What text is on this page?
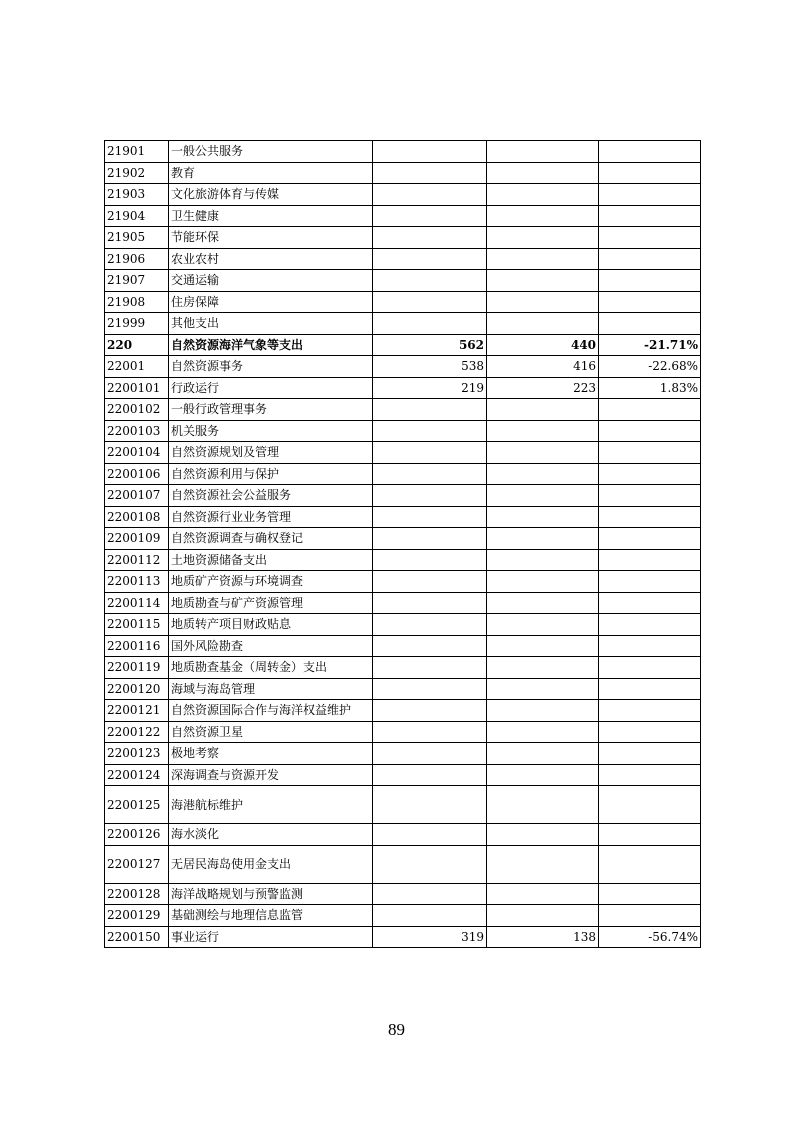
21901	一般公共服务			
21902	教育			
21903	文化旅游体育与传媒			
21904	卫生健康			
21905	节能环保			
21906	农业农村			
21907	交通运输			
21908	住房保障			
21999	其他支出			
220	自然资源海洋气象等支出	562	440	-21.71%
22001	自然资源事务	538	416	-22.68%
2200101	行政运行	219	223	1.83%
2200102	一般行政管理事务			
2200103	机关服务			
2200104	自然资源规划及管理			
2200106	自然资源利用与保护			
2200107	自然资源社会公益服务			
2200108	自然资源行业业务管理			
2200109	自然资源调查与确权登记			
2200112	土地资源储备支出			
2200113	地质矿产资源与环境调查			
2200114	地质勘查与矿产资源管理			
2200115	地质转产项目财政贴息			
2200116	国外风险勘查			
2200119	地质勘查基金（周转金）支出			
2200120	海域与海岛管理			
2200121	自然资源国际合作与海洋权益维护			
2200122	自然资源卫星			
2200123	极地考察			
2200124	深海调查与资源开发			
2200125	海港航标维护			
2200126	海水淡化			
2200127	无居民海岛使用金支出			
2200128	海洋战略规划与预警监测			
2200129	基础测绘与地理信息监管			
2200150	事业运行	319	138	-56.74%
89
